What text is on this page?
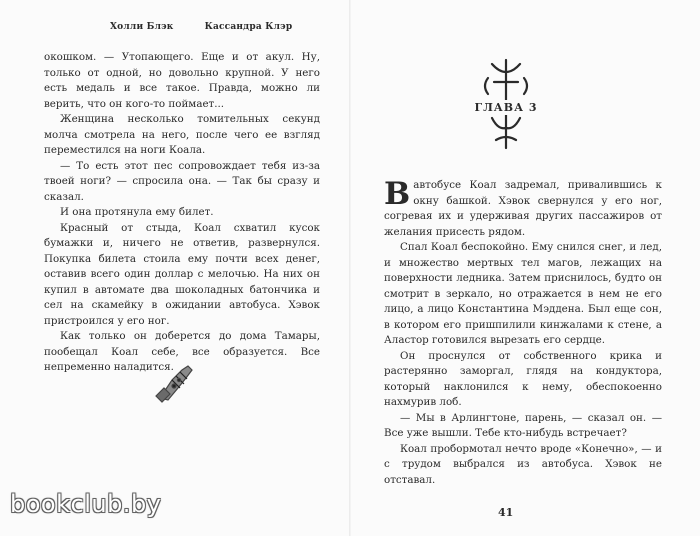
Холли Блэк	Кассандра Клэр

окошком. — Утопающего. Еще и от акул. Ну, только от одной, но довольно крупной. У него есть медаль и все такое. Правда, можно ли верить, что он кого-то поймает...

Женщина несколько томительных секунд молча смотрела на него, после чего ее взгляд переместился на ноги Коала.

— То есть этот пес сопровождает тебя из-за твоей ноги? — спросила она. — Так бы сразу и сказал.

И она протянула ему билет.

Красный от стыда, Коал схватил кусок бумажки и, ничего не ответив, развернулся. Покупка билета стоила ему почти всех денег, оставив всего один доллар с мелочью. На них он купил в автомате два шоколадных батончика и сел на скамейку в ожидании автобуса. Хэвок пристроился у его ног.

Как только он доберется до дома Тамары, пообещал Коал себе, все образуется. Все непременно наладится.

ГЛАВА 3

Вавтобусе Коал задремал, привалившись к окну башкой. Хэвок свернулся у его ног, согревая их и удерживая других пассажиров от желания присесть рядом.

Спал Коал беспокойно. Ему снился снег, и лед, и множество мертвых тел магов, лежащих на поверхности ледника. Затем приснилось, будто он смотрит в зеркало, но отражается в нем не его лицо, а лицо Константина Мэддена. Был еще сон, в котором его пришпилили кинжалами к стене, а Аластор готовился вырезать его сердце.

Он проснулся от собственного крика и растерянно заморгал, глядя на кондуктора, который наклонился к нему, обеспокоенно нахмурив лоб.

— Мы в Арлингтоне, парень, — сказал он. — Все уже вышли. Тебе кто-нибудь встречает?

Коал пробормотал нечто вроде «Конечно», — и с трудом выбрался из автобуса. Хэвок не отставал.

41
bookclub.by
